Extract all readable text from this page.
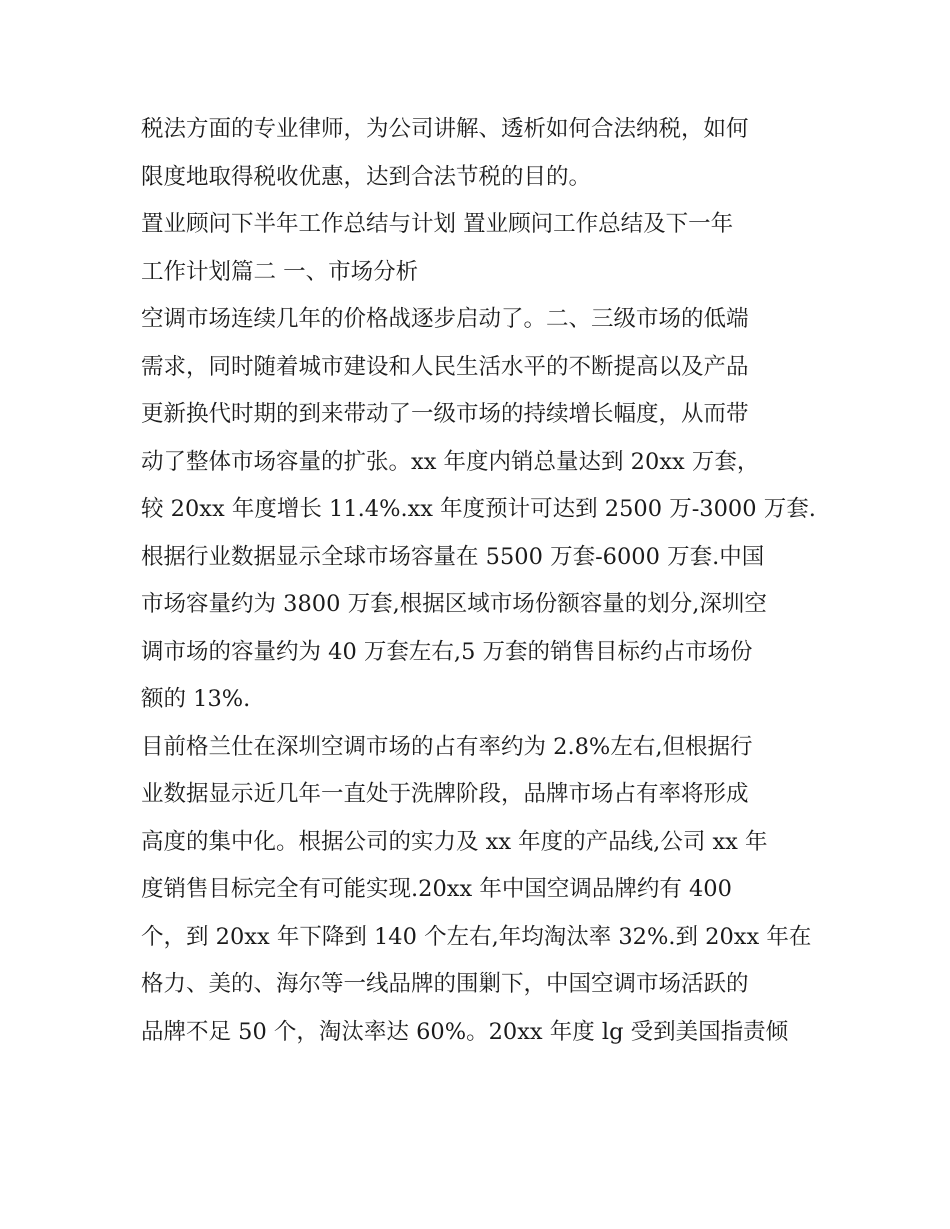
税法方面的专业律师，为公司讲解、透析如何合法纳税，如何
限度地取得税收优惠，达到合法节税的目的。
置业顾问下半年工作总结与计划 置业顾问工作总结及下一年
工作计划篇二 一、市场分析
空调市场连续几年的价格战逐步启动了。二、三级市场的低端
需求，同时随着城市建设和人民生活水平的不断提高以及产品
更新换代时期的到来带动了一级市场的持续增长幅度，从而带
动了整体市场容量的扩张。xx 年度内销总量达到 20xx 万套，
较 20xx 年度增长 11.4%.xx 年度预计可达到 2500 万-3000 万套.
根据行业数据显示全球市场容量在 5500 万套-6000 万套.中国
市场容量约为 3800 万套,根据区域市场份额容量的划分,深圳空
调市场的容量约为 40 万套左右,5 万套的销售目标约占市场份
额的 13%.
目前格兰仕在深圳空调市场的占有率约为 2.8%左右,但根据行
业数据显示近几年一直处于洗牌阶段，品牌市场占有率将形成
高度的集中化。根据公司的实力及 xx 年度的产品线,公司 xx 年
度销售目标完全有可能实现.20xx 年中国空调品牌约有 400
个，到 20xx 年下降到 140 个左右,年均淘汰率 32%.到 20xx 年在
格力、美的、海尔等一线品牌的围剿下，中国空调市场活跃的
品牌不足 50 个，淘汰率达 60%。20xx 年度 lg 受到美国指责倾
